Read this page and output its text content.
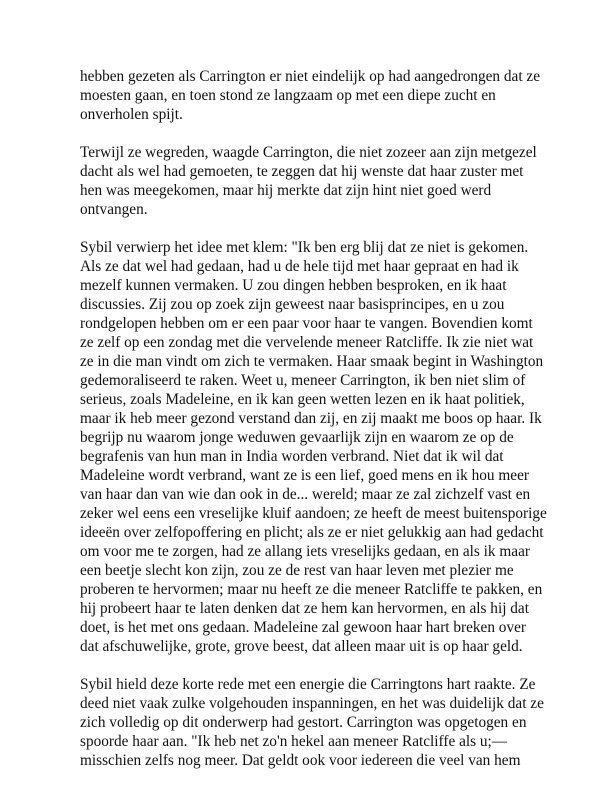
hebben gezeten als Carrington er niet eindelijk op had aangedrongen dat ze
moesten gaan, en toen stond ze langzaam op met een diepe zucht en
onverholen spijt.

Terwijl ze wegreden, waagde Carrington, die niet zozeer aan zijn metgezel
dacht als wel had gemoeten, te zeggen dat hij wenste dat haar zuster met
hen was meegekomen, maar hij merkte dat zijn hint niet goed werd
ontvangen.

Sybil verwierp het idee met klem: "Ik ben erg blij dat ze niet is gekomen.
Als ze dat wel had gedaan, had u de hele tijd met haar gepraat en had ik
mezelf kunnen vermaken. U zou dingen hebben besproken, en ik haat
discussies. Zij zou op zoek zijn geweest naar basisprincipes, en u zou
rondgelopen hebben om er een paar voor haar te vangen. Bovendien komt
ze zelf op een zondag met die vervelende meneer Ratcliffe. Ik zie niet wat
ze in die man vindt om zich te vermaken. Haar smaak begint in Washington
gedemoraliseerd te raken. Weet u, meneer Carrington, ik ben niet slim of
serieus, zoals Madeleine, en ik kan geen wetten lezen en ik haat politiek,
maar ik heb meer gezond verstand dan zij, en zij maakt me boos op haar. Ik
begrijp nu waarom jonge weduwen gevaarlijk zijn en waarom ze op de
begrafenis van hun man in India worden verbrand. Niet dat ik wil dat
Madeleine wordt verbrand, want ze is een lief, goed mens en ik hou meer
van haar dan van wie dan ook in de... wereld; maar ze zal zichzelf vast en
zeker wel eens een vreselijke kluif aandoen; ze heeft de meest buitensporige
ideeën over zelfopoffering en plicht; als ze er niet gelukkig aan had gedacht
om voor me te zorgen, had ze allang iets vreselijks gedaan, en als ik maar
een beetje slecht kon zijn, zou ze de rest van haar leven met plezier me
proberen te hervormen; maar nu heeft ze die meneer Ratcliffe te pakken, en
hij probeert haar te laten denken dat ze hem kan hervormen, en als hij dat
doet, is het met ons gedaan. Madeleine zal gewoon haar hart breken over
dat afschuwelijke, grote, grove beest, dat alleen maar uit is op haar geld.

Sybil hield deze korte rede met een energie die Carringtons hart raakte. Ze
deed niet vaak zulke volgehouden inspanningen, en het was duidelijk dat ze
zich volledig op dit onderwerp had gestort. Carrington was opgetogen en
spoorde haar aan. "Ik heb net zo'n hekel aan meneer Ratcliffe als u;—
misschien zelfs nog meer. Dat geldt ook voor iedereen die veel van hem
